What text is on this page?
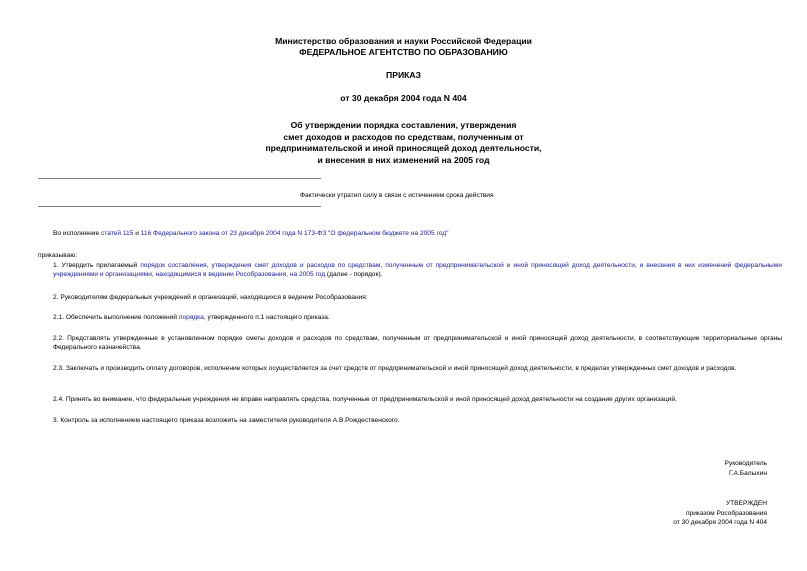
Министерство образования и науки Российской Федерации
ФЕДЕРАЛЬНОЕ АГЕНТСТВО ПО ОБРАЗОВАНИЮ
ПРИКАЗ
от 30 декабря 2004 года N 404
Об утверждении порядка составления, утверждения
смет доходов и расходов по средствам, полученным от
предпринимательской и иной приносящей доход деятельности,
и внесения в них изменений на 2005 год
Фактически утратил силу в связи с истечением срока действия
Во исполнение статей 115 и 116 Федерального закона от 23 декабря 2004 года N 173-ФЗ "О федеральном бюджете на 2005 год"
приказываю:
1. Утвердить прилагаемый порядок составления, утверждения смет доходов и расходов по средствам, полученным от предпринимательской и иной приносящей доход деятельности, и внесения в них изменений федеральными учреждениями и организациями, находящимися в ведении Рособразования, на 2005 год (далее - порядок).
2. Руководителям федеральных учреждений и организаций, находящихся в ведении Рособразования:
2.1. Обеспечить выполнение положений порядка, утвержденного п.1 настоящего приказа.
2.2. Представлять утвержденные в установленном порядке сметы доходов и расходов по средствам, полученным от предпринимательской и иной приносящей доход деятельности, в соответствующие территориальные органы Федерального казначейства.
2.3. Заключать и производить оплату договоров, исполнение которых осуществляется за счет средств от предпринимательской и иной приносящей доход деятельности, в пределах утвержденных смет доходов и расходов.
2.4. Принять во внимание, что федеральные учреждения не вправе направлять средства, полученные от предпринимательской и иной приносящей доход деятельности на создание других организаций.
3. Контроль за исполнением настоящего приказа возложить на заместителя руководителя А.В.Рождественского.
Руководитель
Г.А.Балыхин
УТВЕРЖДЕН
приказом Рособразования
от 30 декабря 2004 года N 404
